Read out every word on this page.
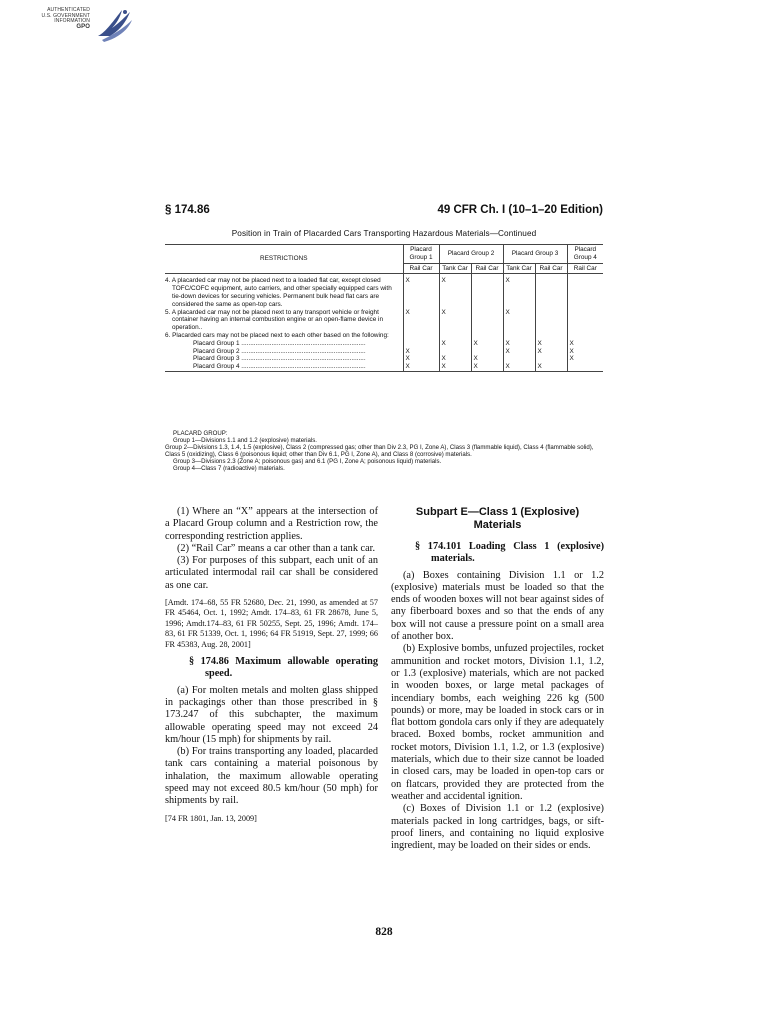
AUTHENTICATED
U.S. GOVERNMENT
INFORMATION
GPO
§ 174.86	49 CFR Ch. I (10–1–20 Edition)
Position in Train of Placarded Cars Transporting Hazardous Materials—Continued
RESTRICTIONS	Placard Group 1	Placard Group 2		Placard Group 3		Placard Group 4
	Rail Car	Tank Car	Rail Car	Tank Car	Rail Car	Rail Car

4. A placarded car may not be placed next to a loaded flat car, except closed TOFC/COFC equipment, auto carriers, and other specially equipped cars with tie-down devices for securing vehicles. Permanent bulk head flat cars are considered the same as open-top cars.	X	X		X		

5. A placarded car may not be placed next to any transport vehicle or freight container having an internal combustion engine or an open-flame device in operation..	X	X		X		

6. Placarded cars may not be placed next to each other based on the following:						

Placard Group 1 ......................................................................		X	X	X	X	X
Placard Group 2 ......................................................................	X			X	X	X
Placard Group 3 ......................................................................	X	X	X			X
Placard Group 4 ......................................................................	X	X	X	X	X	
PLACARD GROUP:
Group 1—Divisions 1.1 and 1.2 (explosive) materials.
Group 2—Divisions 1.3, 1.4, 1.5 (explosive), Class 2 (compressed gas; other than Div 2.3, PG I, Zone A), Class 3 (flammable liquid), Class 4 (flammable solid), Class 5 (oxidizing), Class 6 (poisonous liquid; other than Div 6.1, PG I, Zone A), and Class 8 (corrosive) materials.
Group 3—Divisions 2.3 (Zone A; poisonous gas) and 6.1 (PG I, Zone A; poisonous liquid) materials.
Group 4—Class 7 (radioactive) materials.

(1) Where an “X” appears at the intersection of a Placard Group column and a Restriction row, the corresponding restriction applies.

(2) “Rail Car” means a car other than a tank car.

(3) For purposes of this subpart, each unit of an articulated intermodal rail car shall be considered as one car.

[Amdt. 174–68, 55 FR 52680, Dec. 21, 1990, as amended at 57 FR 45464, Oct. 1, 1992; Amdt. 174–83, 61 FR 28678, June 5, 1996; Amdt.174–83, 61 FR 50255, Sept. 25, 1996; Amdt. 174–83, 61 FR 51339, Oct. 1, 1996; 64 FR 51919, Sept. 27, 1999; 66 FR 45383, Aug. 28, 2001]

§ 174.86 Maximum allowable operating speed.

(a) For molten metals and molten glass shipped in packagings other than those prescribed in § 173.247 of this subchapter, the maximum allowable operating speed may not exceed 24 km/hour (15 mph) for shipments by rail.

(b) For trains transporting any loaded, placarded tank cars containing a material poisonous by inhalation, the maximum allowable operating speed may not exceed 80.5 km/hour (50 mph) for shipments by rail.

[74 FR 1801, Jan. 13, 2009]

Subpart E—Class 1 (Explosive) Materials

§ 174.101 Loading Class 1 (explosive) materials.

(a) Boxes containing Division 1.1 or 1.2 (explosive) materials must be loaded so that the ends of wooden boxes will not bear against sides of any fiberboard boxes and so that the ends of any box will not cause a pressure point on a small area of another box.

(b) Explosive bombs, unfuzed projectiles, rocket ammunition and rocket motors, Division 1.1, 1.2, or 1.3 (explosive) materials, which are not packed in wooden boxes, or large metal packages of incendiary bombs, each weighing 226 kg (500 pounds) or more, may be loaded in stock cars or in flat bottom gondola cars only if they are adequately braced. Boxed bombs, rocket ammunition and rocket motors, Division 1.1, 1.2, or 1.3 (explosive) materials, which due to their size cannot be loaded in closed cars, may be loaded in open-top cars or on flatcars, provided they are protected from the weather and accidental ignition.

(c) Boxes of Division 1.1 or 1.2 (explosive) materials packed in long cartridges, bags, or sift-proof liners, and containing no liquid explosive ingredient, may be loaded on their sides or ends.

828
